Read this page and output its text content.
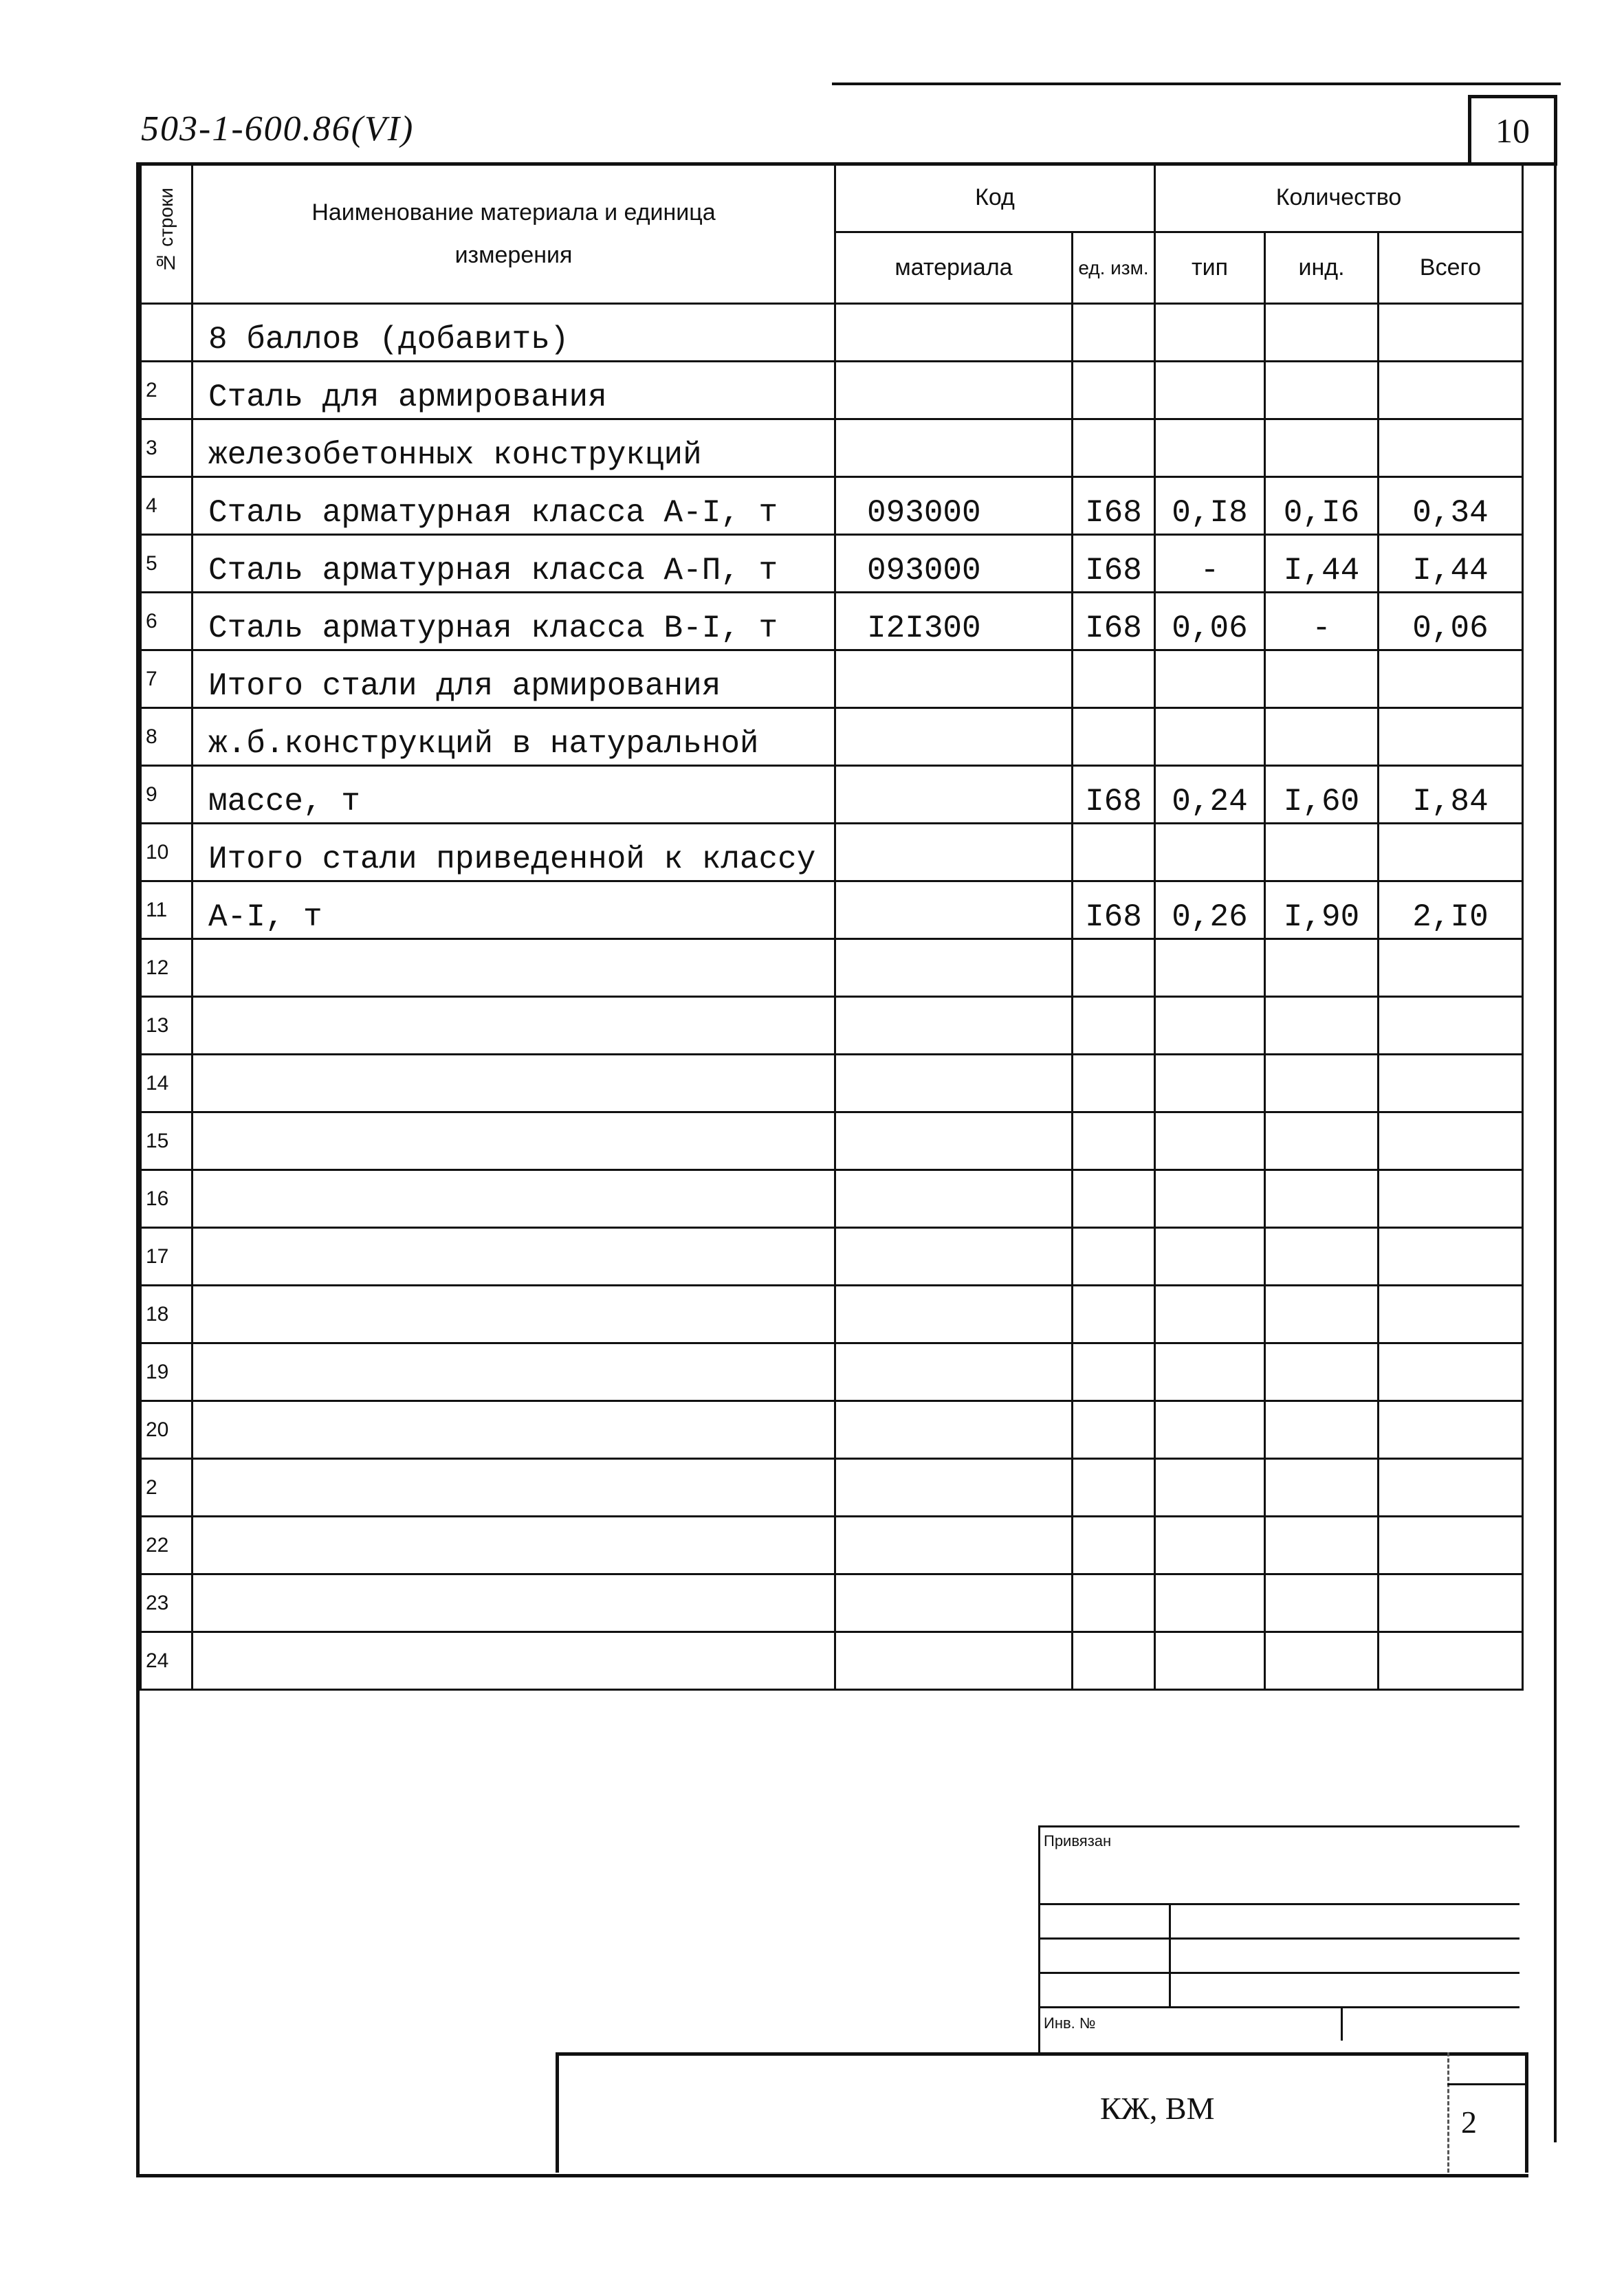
503-1-600.86(VI)	10
№ строки	Наименование материала и единица измерения	Код		Количество		
		материала	ед. изм.	тип	инд.	Всего
	8 баллов (добавить)					
2	Сталь для армирования					
3	железобетонных конструкций					
4	Сталь арматурная класса А-I, т	093000	I68	0,I8	0,I6	0,34
5	Сталь арматурная класса А-П, т	093000	I68	-	I,44	I,44
6	Сталь арматурная класса В-I, т	I2I300	I68	0,06	-	0,06
7	Итого стали для армирования					
8	ж.б.конструкций в натуральной					
9	массе, т		I68	0,24	I,60	I,84
10	Итого стали приведенной к классу					
11	А-I, т		I68	0,26	I,90	2,I0
12						
13						
14						
15						
16						
17						
18						
19						
20						
2						
22						
23						
24						
Привязан
Инв. №
КЖ, ВМ	2
